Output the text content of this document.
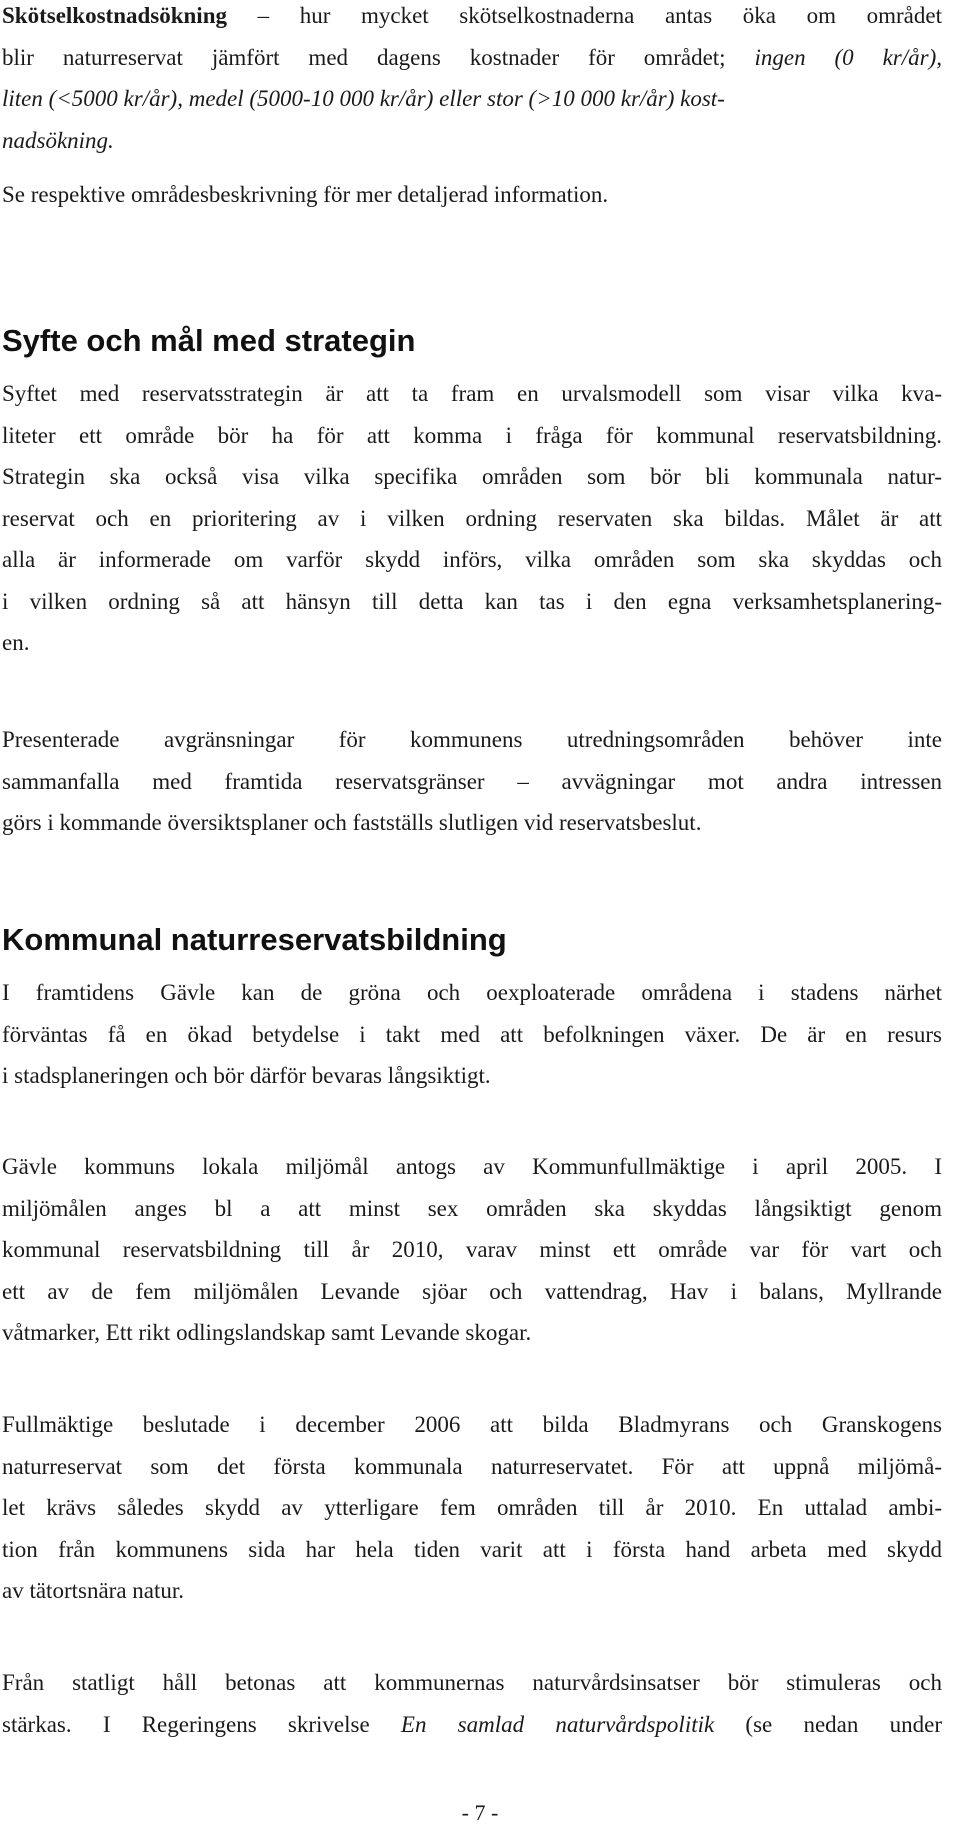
Skötselkostnadsökning – hur mycket skötselkostnaderna antas öka om området
blir naturreservat jämfört med dagens kostnader för området; ingen (0 kr/år),
liten (<5000 kr/år), medel (5000-10 000 kr/år) eller stor (>10 000 kr/år) kost-
nadsökning.
Se respektive områdesbeskrivning för mer detaljerad information.
Syfte och mål med strategin
Syftet med reservatsstrategin är att ta fram en urvalsmodell som visar vilka kva-
liteter ett område bör ha för att komma i fråga för kommunal reservatsbildning.
Strategin ska också visa vilka specifika områden som bör bli kommunala natur-
reservat och en prioritering av i vilken ordning reservaten ska bildas. Målet är att
alla är informerade om varför skydd införs, vilka områden som ska skyddas och
i vilken ordning så att hänsyn till detta kan tas i den egna verksamhetsplanering-
en.
Presenterade avgränsningar för kommunens utredningsområden behöver inte
sammanfalla med framtida reservatsgränser – avvägningar mot andra intressen
görs i kommande översiktsplaner och fastställs slutligen vid reservatsbeslut.
Kommunal naturreservatsbildning
I framtidens Gävle kan de gröna och oexploaterade områdena i stadens närhet
förväntas få en ökad betydelse i takt med att befolkningen växer. De är en resurs
i stadsplaneringen och bör därför bevaras långsiktigt.
Gävle kommuns lokala miljömål antogs av Kommunfullmäktige i april 2005. I
miljömålen anges bl a att minst sex områden ska skyddas långsiktigt genom
kommunal reservatsbildning till år 2010, varav minst ett område var för vart och
ett av de fem miljömålen Levande sjöar och vattendrag, Hav i balans, Myllrande
våtmarker, Ett rikt odlingslandskap samt Levande skogar.
Fullmäktige beslutade i december 2006 att bilda Bladmyrans och Granskogens
naturreservat som det första kommunala naturreservatet. För att uppnå miljömå-
let krävs således skydd av ytterligare fem områden till år 2010. En uttalad ambi-
tion från kommunens sida har hela tiden varit att i första hand arbeta med skydd
av tätortsnära natur.
Från statligt håll betonas att kommunernas naturvårdsinsatser bör stimuleras och
stärkas. I Regeringens skrivelse En samlad naturvårdspolitik (se nedan under
- 7 -
